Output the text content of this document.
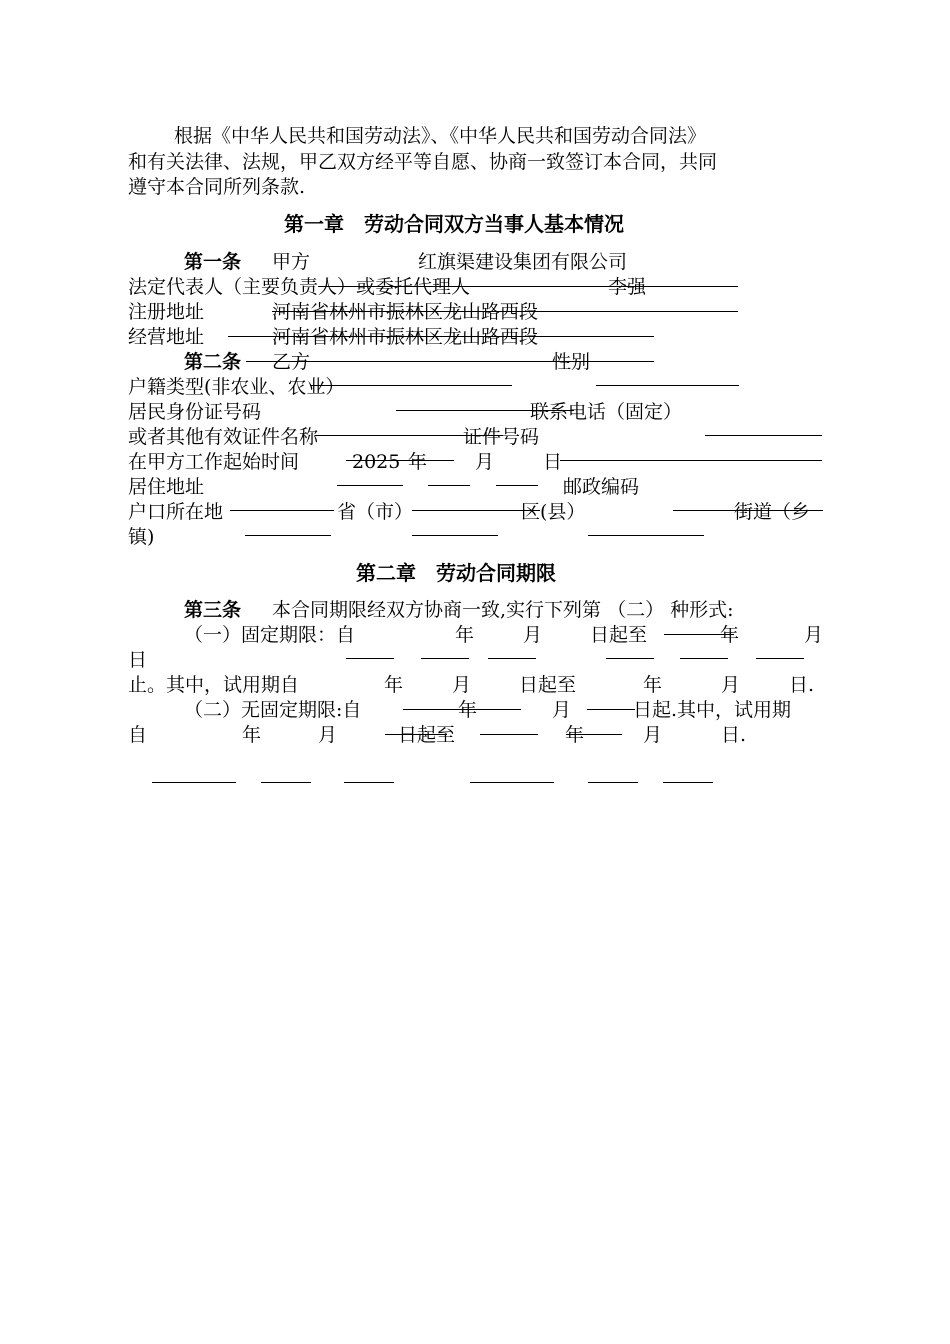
根据《中华人民共和国劳动法》、《中华人民共和国劳动合同法》
和有关法律、法规，甲乙双方经平等自愿、协商一致签订本合同，共同
遵守本合同所列条款.
第一章　劳动合同双方当事人基本情况
第一条 甲方	红旗渠建设集团有限公司
法定代表人（主要负责人）或委托代理人	李强
注册地址	河南省林州市振林区龙山路西段
经营地址	河南省林州市振林区龙山路西段
第二条 乙方	性别
户籍类型(非农业、农业）
居民身份证号码	联系电话（固定）
或者其他有效证件名称	证件号码
在甲方工作起始时间	2025 年	月	日
居住地址	邮政编码
户口所在地	省（市）	区(县）	街道（乡
镇)
第二章　劳动合同期限
第三条 本合同期限经双方协商一致,实行下列第 （二） 种形式:
（一）固定期限：自	年	月	日起至	年	月
日
止。其中，试用期自	年	月	日起至	年	月	日.
（二）无固定期限:自	年	月	日起.其中，试用期
自	年	月	日起至	年	月	日.
